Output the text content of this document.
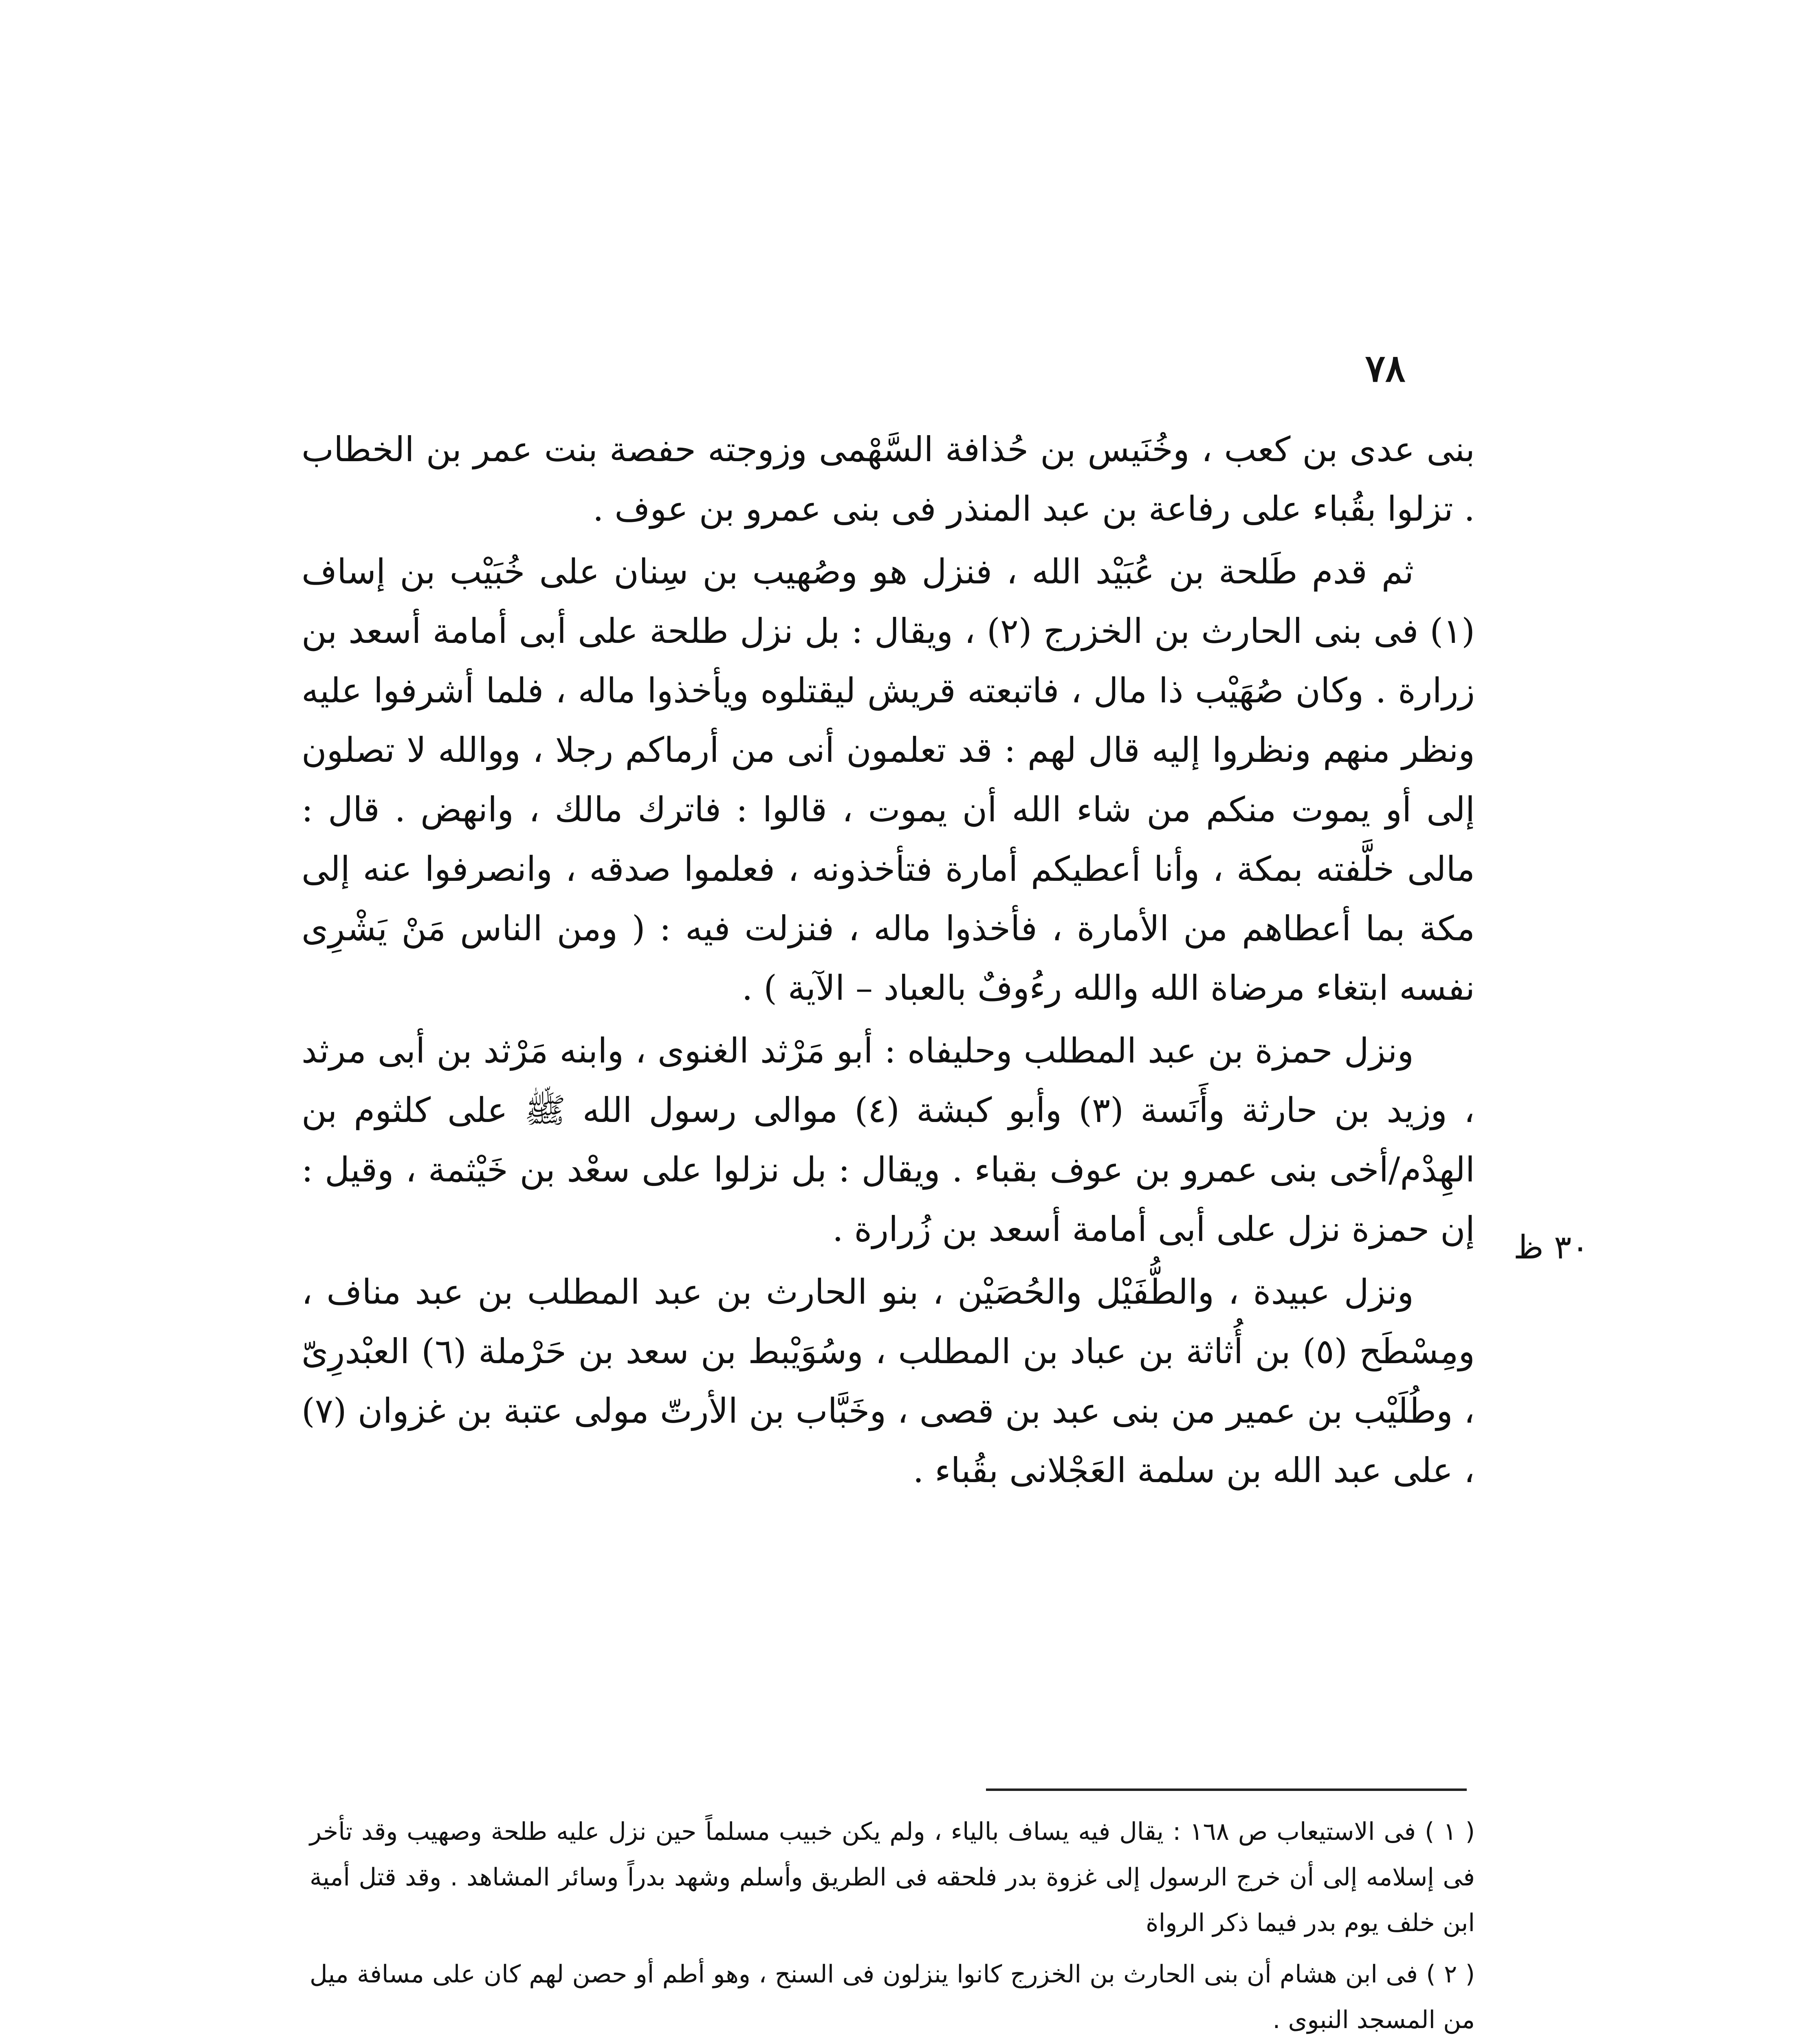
٧٨
٣٠ ظ

بنى عدى بن كعب ، وخُنَيس بن حُذافة السَّهْمى وزوجته حفصة بنت عمر بن الخطاب . تزلوا بقُباء على رفاعة بن عبد المنذر فى بنى عمرو بن عوف .

ثم قدم طَلحة بن عُبَيْد الله ، فنزل هو وصُهيب بن سِنان على خُبَيْب بن إساف (١) فى بنى الحارث بن الخزرج (٢) ، ويقال : بل نزل طلحة على أبى أمامة أسعد بن زرارة . وكان صُهَيْب ذا مال ، فاتبعته قريش ليقتلوه ويأخذوا ماله ، فلما أشرفوا عليه ونظر منهم ونظروا إليه قال لهم : قد تعلمون أنى من أرماكم رجلا ، ووالله لا تصلون إلى أو يموت منكم من شاء الله أن يموت ، قالوا : فاترك مالك ، وانهض . قال : مالى خلَّفته بمكة ، وأنا أعطيكم أمارة فتأخذونه ، فعلموا صدقه ، وانصرفوا عنه إلى مكة بما أعطاهم من الأمارة ، فأخذوا ماله ، فنزلت فيه : ( ومن الناس مَنْ يَشْرِى نفسه ابتغاء مرضاة الله والله رءُوفٌ بالعباد – الآية ) .

ونزل حمزة بن عبد المطلب وحليفاه : أبو مَرْثد الغنوى ، وابنه مَرْثد بن أبى مرثد ، وزيد بن حارثة وأَنَسة (٣) وأبو كبشة (٤) موالى رسول الله ﷺ على كلثوم بن الهِدْم/أخى بنى عمرو بن عوف بقباء . ويقال : بل نزلوا على سعْد بن خَيْثمة ، وقيل : إن حمزة نزل على أبى أمامة أسعد بن زُرارة .

ونزل عبيدة ، والطُّفَيْل والحُصَيْن ، بنو الحارث بن عبد المطلب بن عبد مناف ، ومِسْطَح (٥) بن أُثاثة بن عباد بن المطلب ، وسُوَيْبط بن سعد بن حَرْملة (٦) العبْدرِىّ ، وطُلَيْب بن عمير من بنى عبد بن قصى ، وخَبَّاب بن الأرتّ مولى عتبة بن غزوان (٧) ، على عبد الله بن سلمة العَجْلانى بقُباء .

( ١ ) فى الاستيعاب ص ١٦٨ : يقال فيه يساف بالياء ، ولم يكن خبيب مسلماً حين نزل عليه طلحة وصهيب وقد تأخر فى إسلامه إلى أن خرج الرسول إلى غزوة بدر فلحقه فى الطريق وأسلم وشهد بدراً وسائر المشاهد . وقد قتل أمية ابن خلف يوم بدر فيما ذكر الرواة

( ٢ ) فى ابن هشام أن بنى الحارث بن الخزرج كانوا ينزلون فى السنح ، وهو أطم أو حصن لهم كان على مسافة ميل من المسجد النبوى .
